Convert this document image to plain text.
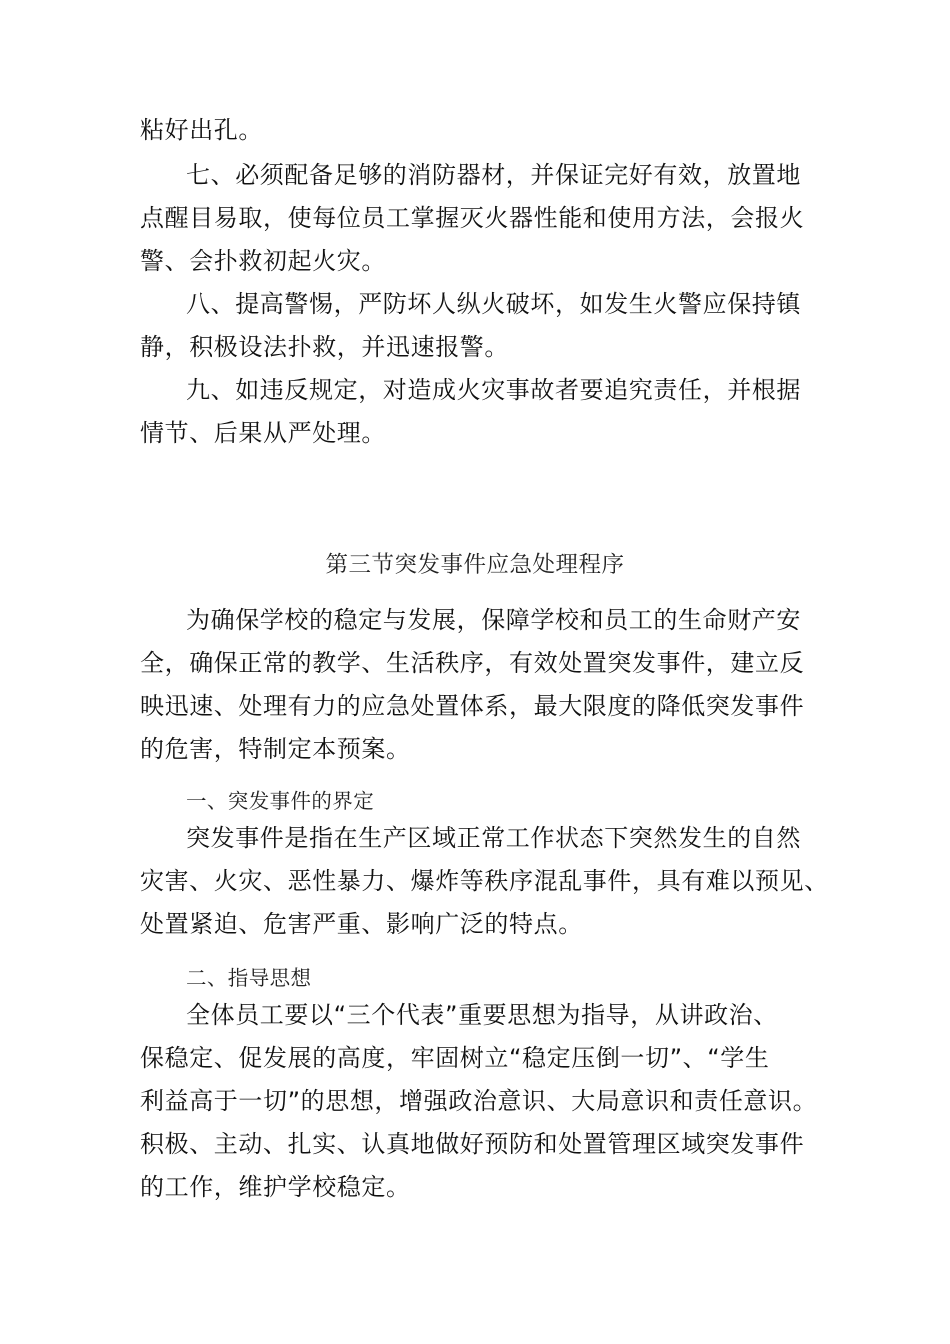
粘好出孔。
七、必须配备足够的消防器材，并保证完好有效，放置地
点醒目易取，使每位员工掌握灭火器性能和使用方法，会报火
警、会扑救初起火灾。
八、提高警惕，严防坏人纵火破坏，如发生火警应保持镇
静，积极设法扑救，并迅速报警。
九、如违反规定，对造成火灾事故者要追究责任，并根据
情节、后果从严处理。
第三节突发事件应急处理程序
为确保学校的稳定与发展，保障学校和员工的生命财产安
全，确保正常的教学、生活秩序，有效处置突发事件，建立反
映迅速、处理有力的应急处置体系，最大限度的降低突发事件
的危害，特制定本预案。
一、突发事件的界定
突发事件是指在生产区域正常工作状态下突然发生的自然
灾害、火灾、恶性暴力、爆炸等秩序混乱事件，具有难以预见、
处置紧迫、危害严重、影响广泛的特点。
二、指导思想
全体员工要以“三个代表”重要思想为指导，从讲政治、
保稳定、促发展的高度，牢固树立“稳定压倒一切”、“学生
利益高于一切”的思想，增强政治意识、大局意识和责任意识。
积极、主动、扎实、认真地做好预防和处置管理区域突发事件
的工作，维护学校稳定。
